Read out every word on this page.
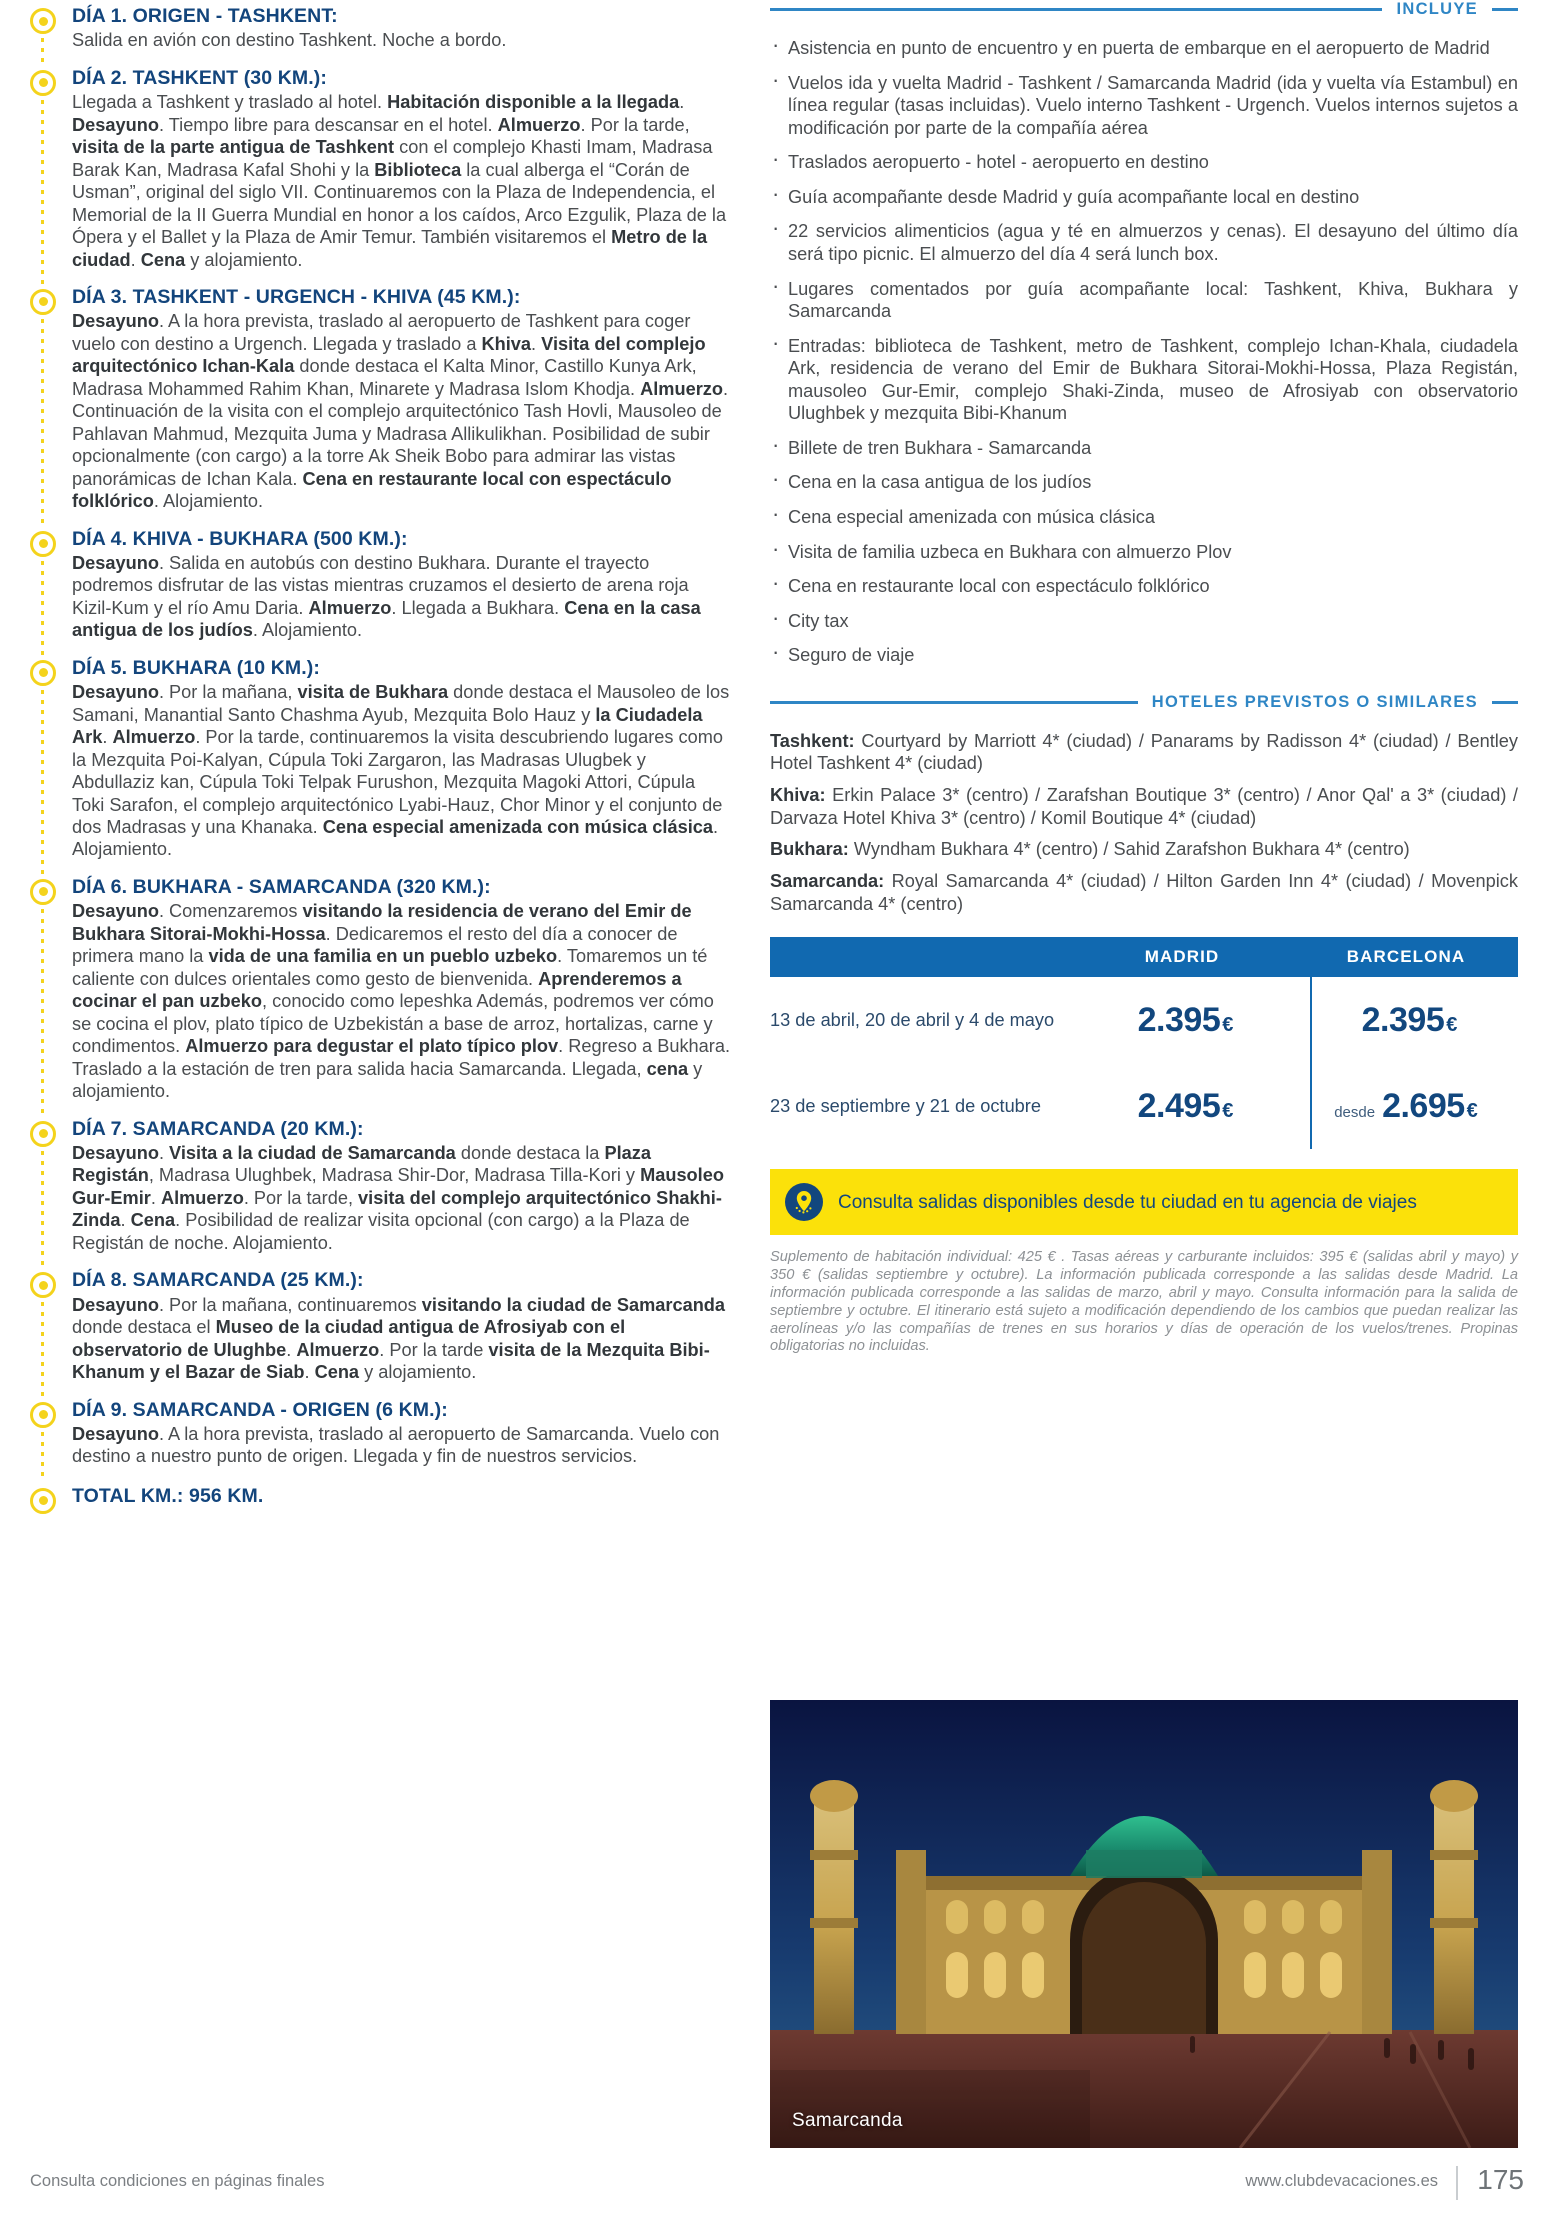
DÍA 1. ORIGEN - TASHKENT:
Salida en avión con destino Tashkent. Noche a bordo.
DÍA 2. TASHKENT (30 KM.):
Llegada a Tashkent y traslado al hotel. Habitación disponible a la llegada. Desayuno. Tiempo libre para descansar en el hotel. Almuerzo. Por la tarde, visita de la parte antigua de Tashkent con el complejo Khasti Imam, Madrasa Barak Kan, Madrasa Kafal Shohi y la Biblioteca la cual alberga el “Corán de Usman”, original del siglo VII. Continuaremos con la Plaza de Independencia, el Memorial de la II Guerra Mundial en honor a los caídos, Arco Ezgulik, Plaza de la Ópera y el Ballet y la Plaza de Amir Temur. También visitaremos el Metro de la ciudad. Cena y alojamiento.
DÍA 3. TASHKENT - URGENCH - KHIVA (45 KM.):
Desayuno. A la hora prevista, traslado al aeropuerto de Tashkent para coger vuelo con destino a Urgench. Llegada y traslado a Khiva. Visita del complejo arquitectónico Ichan-Kala donde destaca el Kalta Minor, Castillo Kunya Ark, Madrasa Mohammed Rahim Khan, Minarete y Madrasa Islom Khodja. Almuerzo. Continuación de la visita con el complejo arquitectónico Tash Hovli, Mausoleo de Pahlavan Mahmud, Mezquita Juma y Madrasa Allikulikhan. Posibilidad de subir opcionalmente (con cargo) a la torre Ak Sheik Bobo para admirar las vistas panorámicas de Ichan Kala. Cena en restaurante local con espectáculo folklórico. Alojamiento.
DÍA 4. KHIVA - BUKHARA (500 KM.):
Desayuno. Salida en autobús con destino Bukhara. Durante el trayecto podremos disfrutar de las vistas mientras cruzamos el desierto de arena roja Kizil-Kum y el río Amu Daria. Almuerzo. Llegada a Bukhara. Cena en la casa antigua de los judíos. Alojamiento.
DÍA 5. BUKHARA (10 KM.):
Desayuno. Por la mañana, visita de Bukhara donde destaca el Mausoleo de los Samani, Manantial Santo Chashma Ayub, Mezquita Bolo Hauz y la Ciudadela Ark. Almuerzo. Por la tarde, continuaremos la visita descubriendo lugares como la Mezquita Poi-Kalyan, Cúpula Toki Zargaron, las Madrasas Ulugbek y Abdullaziz kan, Cúpula Toki Telpak Furushon, Mezquita Magoki Attori, Cúpula Toki Sarafon, el complejo arquitectónico Lyabi-Hauz, Chor Minor y el conjunto de dos Madrasas y una Khanaka. Cena especial amenizada con música clásica. Alojamiento.
DÍA 6. BUKHARA - SAMARCANDA (320 KM.):
Desayuno. Comenzaremos visitando la residencia de verano del Emir de Bukhara Sitorai-Mokhi-Hossa. Dedicaremos el resto del día a conocer de primera mano la vida de una familia en un pueblo uzbeko. Tomaremos un té caliente con dulces orientales como gesto de bienvenida. Aprenderemos a cocinar el pan uzbeko, conocido como lepeshka Además, podremos ver cómo se cocina el plov, plato típico de Uzbekistán a base de arroz, hortalizas, carne y condimentos. Almuerzo para degustar el plato típico plov. Regreso a Bukhara. Traslado a la estación de tren para salida hacia Samarcanda. Llegada, cena y alojamiento.
DÍA 7. SAMARCANDA (20 KM.):
Desayuno. Visita a la ciudad de Samarcanda donde destaca la Plaza Registán, Madrasa Ulughbek, Madrasa Shir-Dor, Madrasa Tilla-Kori y Mausoleo Gur-Emir. Almuerzo. Por la tarde, visita del complejo arquitectónico Shakhi-Zinda. Cena. Posibilidad de realizar visita opcional (con cargo) a la Plaza de Registán de noche. Alojamiento.
DÍA 8. SAMARCANDA (25 KM.):
Desayuno. Por la mañana, continuaremos visitando la ciudad de Samarcanda donde destaca el Museo de la ciudad antigua de Afrosiyab con el observatorio de Ulughbe. Almuerzo. Por la tarde visita de la Mezquita Bibi-Khanum y el Bazar de Siab. Cena y alojamiento.
DÍA 9. SAMARCANDA - ORIGEN (6 KM.):
Desayuno. A la hora prevista, traslado al aeropuerto de Samarcanda. Vuelo con destino a nuestro punto de origen. Llegada y fin de nuestros servicios.
TOTAL KM.: 956 KM.
INCLUYE
· Asistencia en punto de encuentro y en puerta de embarque en el aeropuerto de Madrid
· Vuelos ida y vuelta Madrid - Tashkent / Samarcanda Madrid (ida y vuelta vía Estambul) en línea regular (tasas incluidas). Vuelo interno Tashkent - Urgench. Vuelos internos sujetos a modificación por parte de la compañía aérea
· Traslados aeropuerto - hotel - aeropuerto en destino
· Guía acompañante desde Madrid y guía acompañante local en destino
· 22 servicios alimenticios (agua y té en almuerzos y cenas). El desayuno del último día será tipo picnic. El almuerzo del día 4 será lunch box.
· Lugares comentados por guía acompañante local: Tashkent, Khiva, Bukhara y Samarcanda
· Entradas: biblioteca de Tashkent, metro de Tashkent, complejo Ichan-Khala, ciudadela Ark, residencia de verano del Emir de Bukhara Sitorai-Mokhi-Hossa, Plaza Registán, mausoleo Gur-Emir, complejo Shaki-Zinda, museo de Afrosiyab con observatorio Ulughbek y mezquita Bibi-Khanum
· Billete de tren Bukhara - Samarcanda
· Cena en la casa antigua de los judíos
· Cena especial amenizada con música clásica
· Visita de familia uzbeca en Bukhara con almuerzo Plov
· Cena en restaurante local con espectáculo folklórico
· City tax
· Seguro de viaje
HOTELES PREVISTOS O SIMILARES
Tashkent: Courtyard by Marriott 4* (ciudad) / Panarams by Radisson 4* (ciudad) / Bentley Hotel Tashkent 4* (ciudad)
Khiva: Erkin Palace 3* (centro) / Zarafshan Boutique 3* (centro) / Anor Qal' a 3* (ciudad) / Darvaza Hotel Khiva 3* (centro) / Komil Boutique 4* (ciudad)
Bukhara: Wyndham Bukhara 4* (centro) / Sahid Zarafshon Bukhara 4* (centro)
Samarcanda: Royal Samarcanda 4* (ciudad) / Hilton Garden Inn 4* (ciudad) / Movenpick Samarcanda 4* (centro)
MADRID	BARCELONA
13 de abril, 20 de abril y 4 de mayo	2.395 €	2.395 €
23 de septiembre y 21 de octubre	2.495 €	desde 2.695 €
Consulta salidas disponibles desde tu ciudad en tu agencia de viajes
Suplemento de habitación individual: 425 € . Tasas aéreas y carburante incluidos: 395 € (salidas abril y mayo) y 350 € (salidas septiembre y octubre). La información publicada corresponde a las salidas desde Madrid. La información publicada corresponde a las salidas de marzo, abril y mayo. Consulta información para la salida de septiembre y octubre. El itinerario está sujeto a modificación dependiendo de los cambios que puedan realizar las aerolíneas y/o las compañías de trenes en sus horarios y días de operación de los vuelos/trenes. Propinas obligatorias no incluidas.
Samarcanda
Consulta condiciones en páginas finales	www.clubdevacaciones.es 175
